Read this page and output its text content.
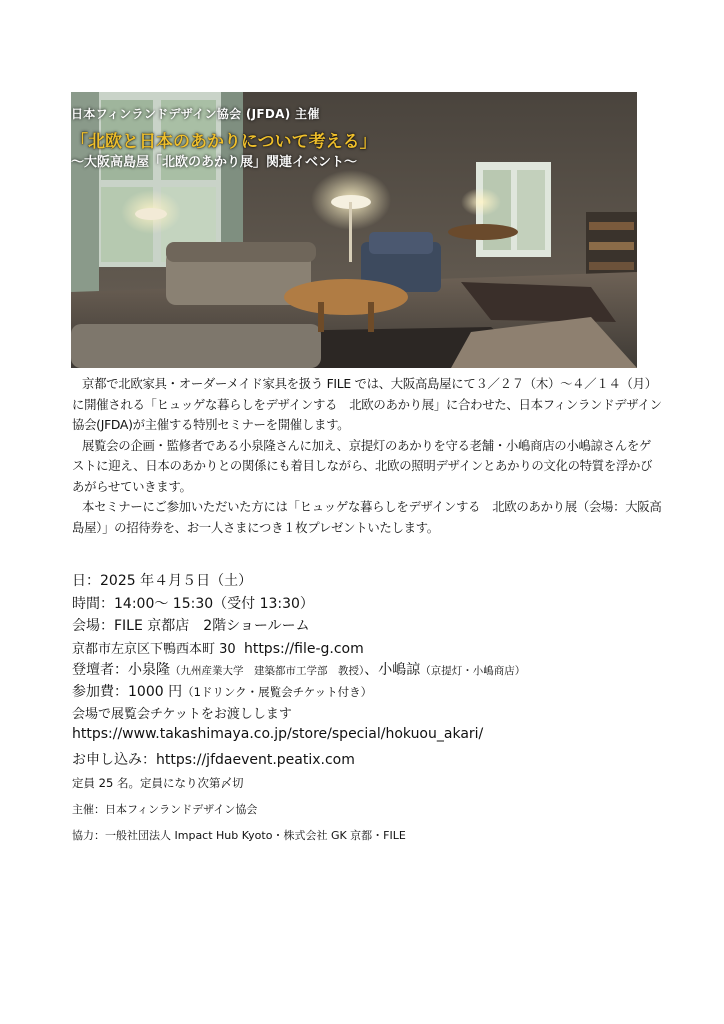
日本フィンランドデザイン協会 (JFDA) 主催
「北欧と日本のあかりについて考える」
～大阪高島屋「北欧のあかり展」関連イベント～

京都で北欧家具・オーダーメイド家具を扱う FILE では、大阪高島屋にて３／２７（木）～４／１４（月）に開催される「ヒュッゲな暮らしをデザインする　北欧のあかり展」に合わせた、日本フィンランドデザイン協会(JFDA)が主催する特別セミナーを開催します。

展覧会の企画・監修者である小泉隆さんに加え、京提灯のあかりを守る老舗・小嶋商店の小嶋諒さんをゲストに迎え、日本のあかりとの関係にも着目しながら、北欧の照明デザインとあかりの文化の特質を浮かびあがらせていきます。

本セミナーにご参加いただいた方には「ヒュッゲな暮らしをデザインする　北欧のあかり展（会場：大阪高島屋）」の招待券を、お一人さまにつき１枚プレゼントいたします。

日：2025 年４月５日（土）
時間：14:00～ 15:30（受付 13:30）
会場：FILE 京都店　2階ショールーム
京都市左京区下鴨西本町 30 https://file-g.com
登壇者：小泉隆（九州産業大学　建築都市工学部　教授）、小嶋諒（京提灯・小嶋商店）
参加費：1000 円（1ドリンク・展覧会チケット付き）
会場で展覧会チケットをお渡しします
https://www.takashimaya.co.jp/store/special/hokuou_akari/
お申し込み：https://jfdaevent.peatix.com
定員 25 名。定員になり次第〆切
主催：日本フィンランドデザイン協会
協力：一般社団法人 Impact Hub Kyoto・株式会社 GK 京都・FILE
